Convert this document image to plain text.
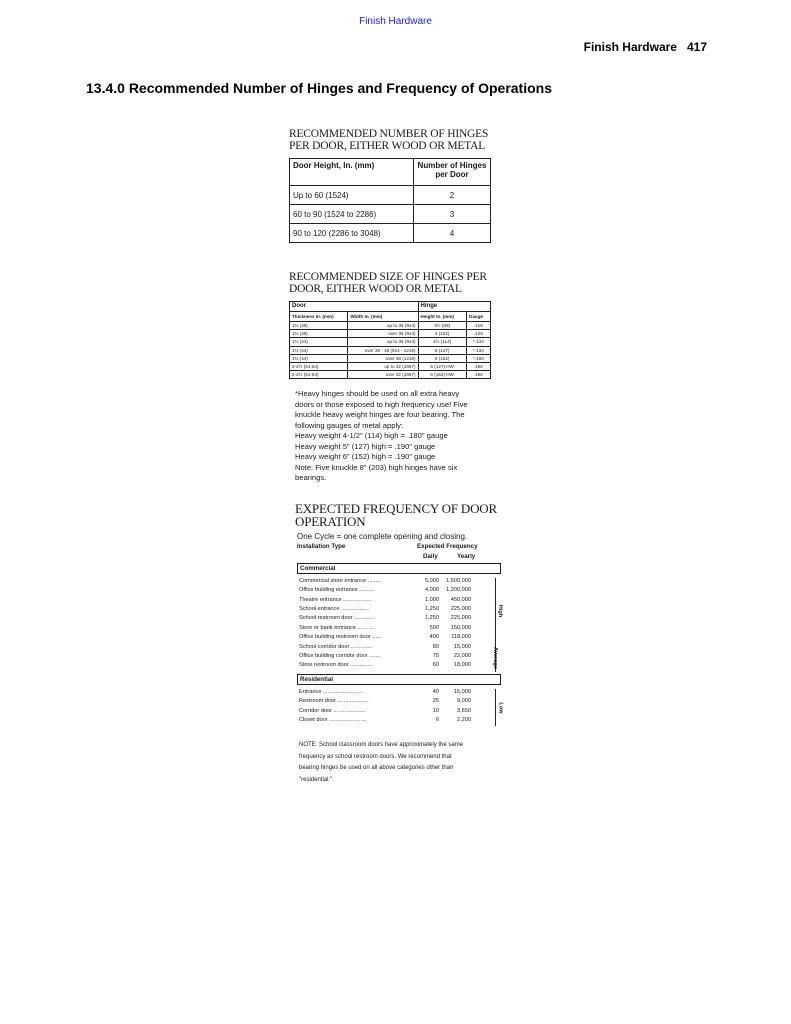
Finish Hardware
Finish Hardware 417
13.4.0 Recommended Number of Hinges and Frequency of Operations
RECOMMENDED NUMBER OF HINGES PER DOOR, EITHER WOOD OR METAL
Door Height, In. (mm)	Number of Hinges per Door
Up to 60 (1524)	2
60 to 90 (1524 to 2286)	3
90 to 120 (2286 to 3048)	4
RECOMMENDED SIZE OF HINGES PER DOOR, EITHER WOOD OR METAL
Door		Hinge	
Thickness In. (mm)	Width In. (mm)	Height In. (mm)	Gauge
1⅜ (35)	up to 36 (914)	3½ (89)	.119
1⅜ (35)	over 36 (914)	4 (102)	.129
1¾ (44)	up to 36 (914)	4½ (114)	*.134
1¾ (44)	over 36 - 48 (914 - 1219)	5 (127)	*.134
1¾ (44)	over 48 (1219)	6 (152)	*.160
2-2½ (51-64)	up to 42 (1067)	5 (127) HW	.190
2-2½ (51-64)	over 42 (1067)	6 (152) HW	.190
*Heavy hinges should be used on all extra heavy
doors or those exposed to high frequency use! Five
knuckle heavy weight hinges are four bearing. The
following gauges of metal apply:
Heavy weight 4-1/2" (114) high = .180" gauge
Heavy weight 5" (127) high = .190" gauge
Heavy weight 6" (152) high = .190" gauge
Note: Five knuckle 8" (203) high hinges have six
bearings.
EXPECTED FREQUENCY OF DOOR OPERATION
One Cycle = one complete opening and closing.
Installation Type	Expected Frequency
Daily	Yearly
Commercial
High
Commercial store entrance ........	5,000	1,500,000
Office building entrance ..........	4,000	1,200,000
Theatre entrance ..................	1,000	450,000
School entrance ..................	1,250	225,000
School restroom door .............	1,250	225,000
Store or bank entrance ...........	500	150,000
Office building restroom door ......	400	118,000
Average
School corridor door ..............	80	15,000
Office building corridor door .......	75	22,000
Store restroom door ..............	60	18,000
Residential
Low
Entrance ..........................	40	15,000
Restroom door ....................	25	9,000
Corridor door .....................	10	3,650
Closet door ........................	6	2,200
NOTE: School classroom doors have approximately the same
frequency as school restroom doors. We recommend that
bearing hinges be used on all above categories other than
"residential."
